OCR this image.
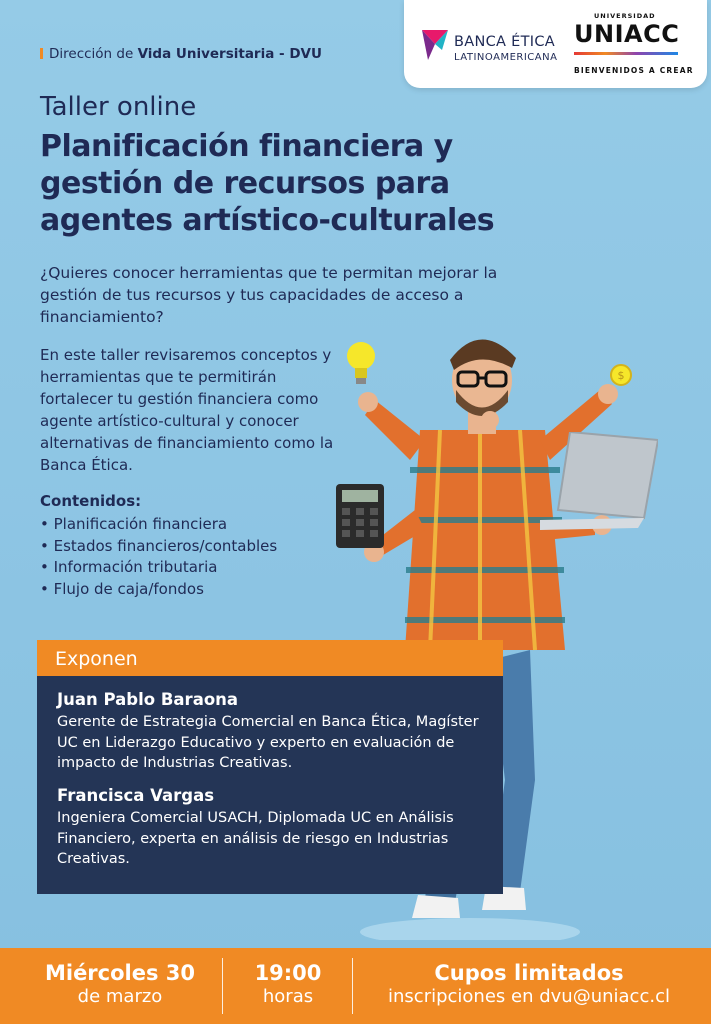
Dirección de Vida Universitaria - DVU
BANCA ÉTICA
LATINOAMERICANA
UNIVERSIDAD
UNIACC
BIENVENIDOS A CREAR
Taller online
Planificación financiera y gestión de recursos para agentes artístico-culturales
¿Quieres conocer herramientas que te permitan mejorar la gestión de tus recursos y tus capacidades de acceso a financiamiento?
En este taller revisaremos conceptos y herramientas que te permitirán fortalecer tu gestión financiera como agente artístico-cultural y conocer alternativas de financiamiento como la Banca Ética.
Contenidos:
• Planificación financiera
• Estados financieros/contables
• Información tributaria
• Flujo de caja/fondos
$
Exponen
Juan Pablo Baraona
Gerente de Estrategia Comercial en Banca Ética, Magíster UC en Liderazgo Educativo y experto en evaluación de impacto de Industrias Creativas.
Francisca Vargas
Ingeniera Comercial USACH, Diplomada UC en Análisis Financiero, experta en análisis de riesgo en Industrias Creativas.
Miércoles 30
de marzo
19:00
horas
Cupos limitados
inscripciones en dvu@uniacc.cl
